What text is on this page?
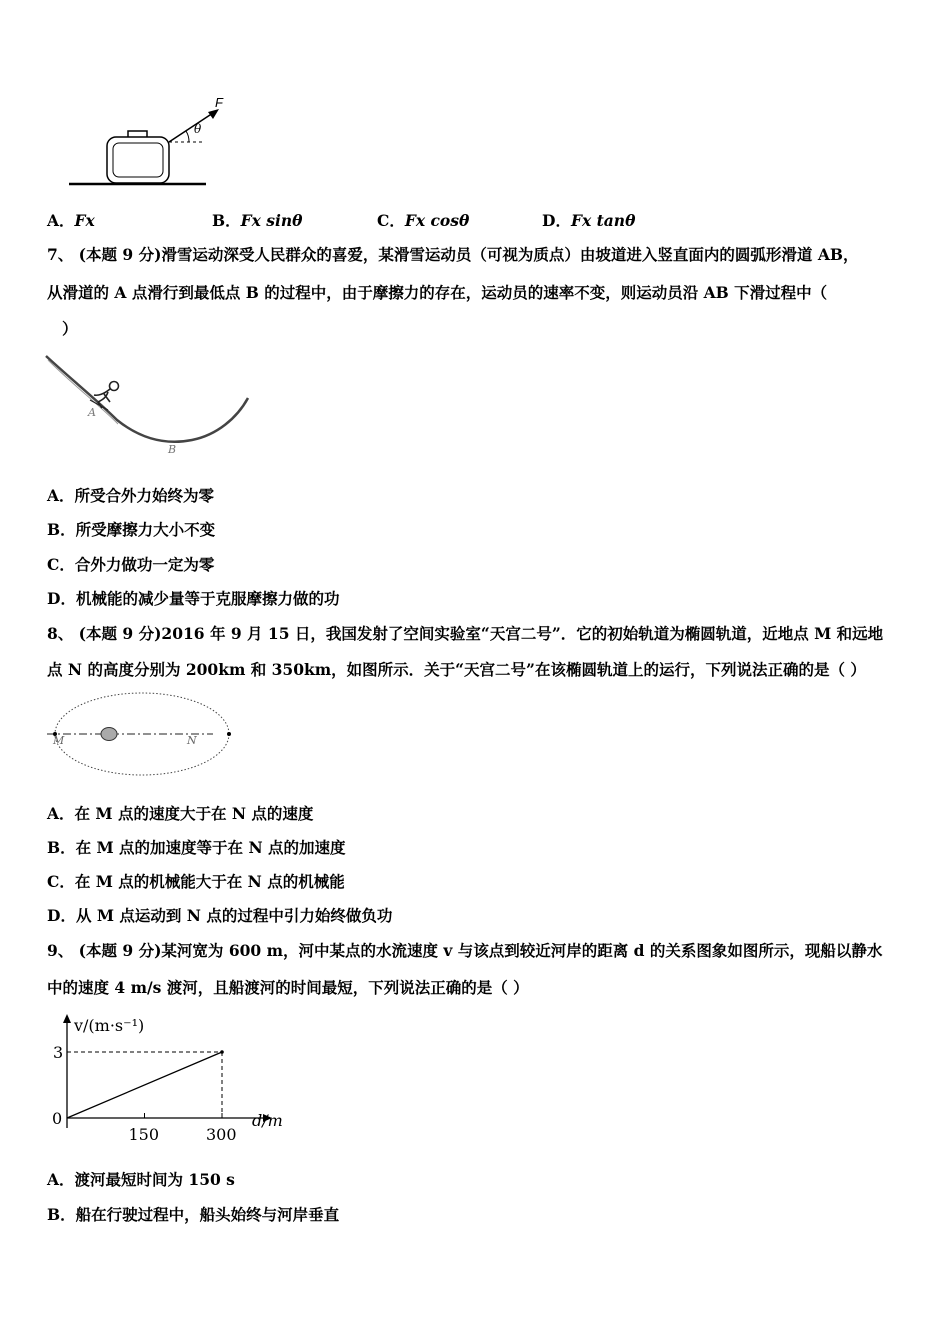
F
θ
A．Fx	B．Fx sinθ	C．Fx cosθ	D．Fx tanθ
7、 (本题 9 分)滑雪运动深受人民群众的喜爱，某滑雪运动员（可视为质点）由坡道进入竖直面内的圆弧形滑道 AB，
从滑道的 A 点滑行到最低点 B 的过程中，由于摩擦力的存在，运动员的速率不变，则运动员沿 AB 下滑过程中（
）
A
B
A．所受合外力始终为零
B．所受摩擦力大小不变
C．合外力做功一定为零
D．机械能的减少量等于克服摩擦力做的功
8、 (本题 9 分)2016 年 9 月 15 日，我国发射了空间实验室“天宫二号”．它的初始轨道为椭圆轨道，近地点 M 和远地
点 N 的高度分别为 200km 和 350km，如图所示．关于“天宫二号”在该椭圆轨道上的运行，下列说法正确的是（ ）
M	N
A．在 M 点的速度大于在 N 点的速度
B．在 M 点的加速度等于在 N 点的加速度
C．在 M 点的机械能大于在 N 点的机械能
D．从 M 点运动到 N 点的过程中引力始终做负功
9、 (本题 9 分)某河宽为 600 m，河中某点的水流速度 v 与该点到较近河岸的距离 d 的关系图象如图所示，现船以静水
中的速度 4 m/s 渡河，且船渡河的时间最短，下列说法正确的是（ ）
v/(m·s⁻¹)
d/m
0
150	300
3
A．渡河最短时间为 150 s
B．船在行驶过程中，船头始终与河岸垂直
